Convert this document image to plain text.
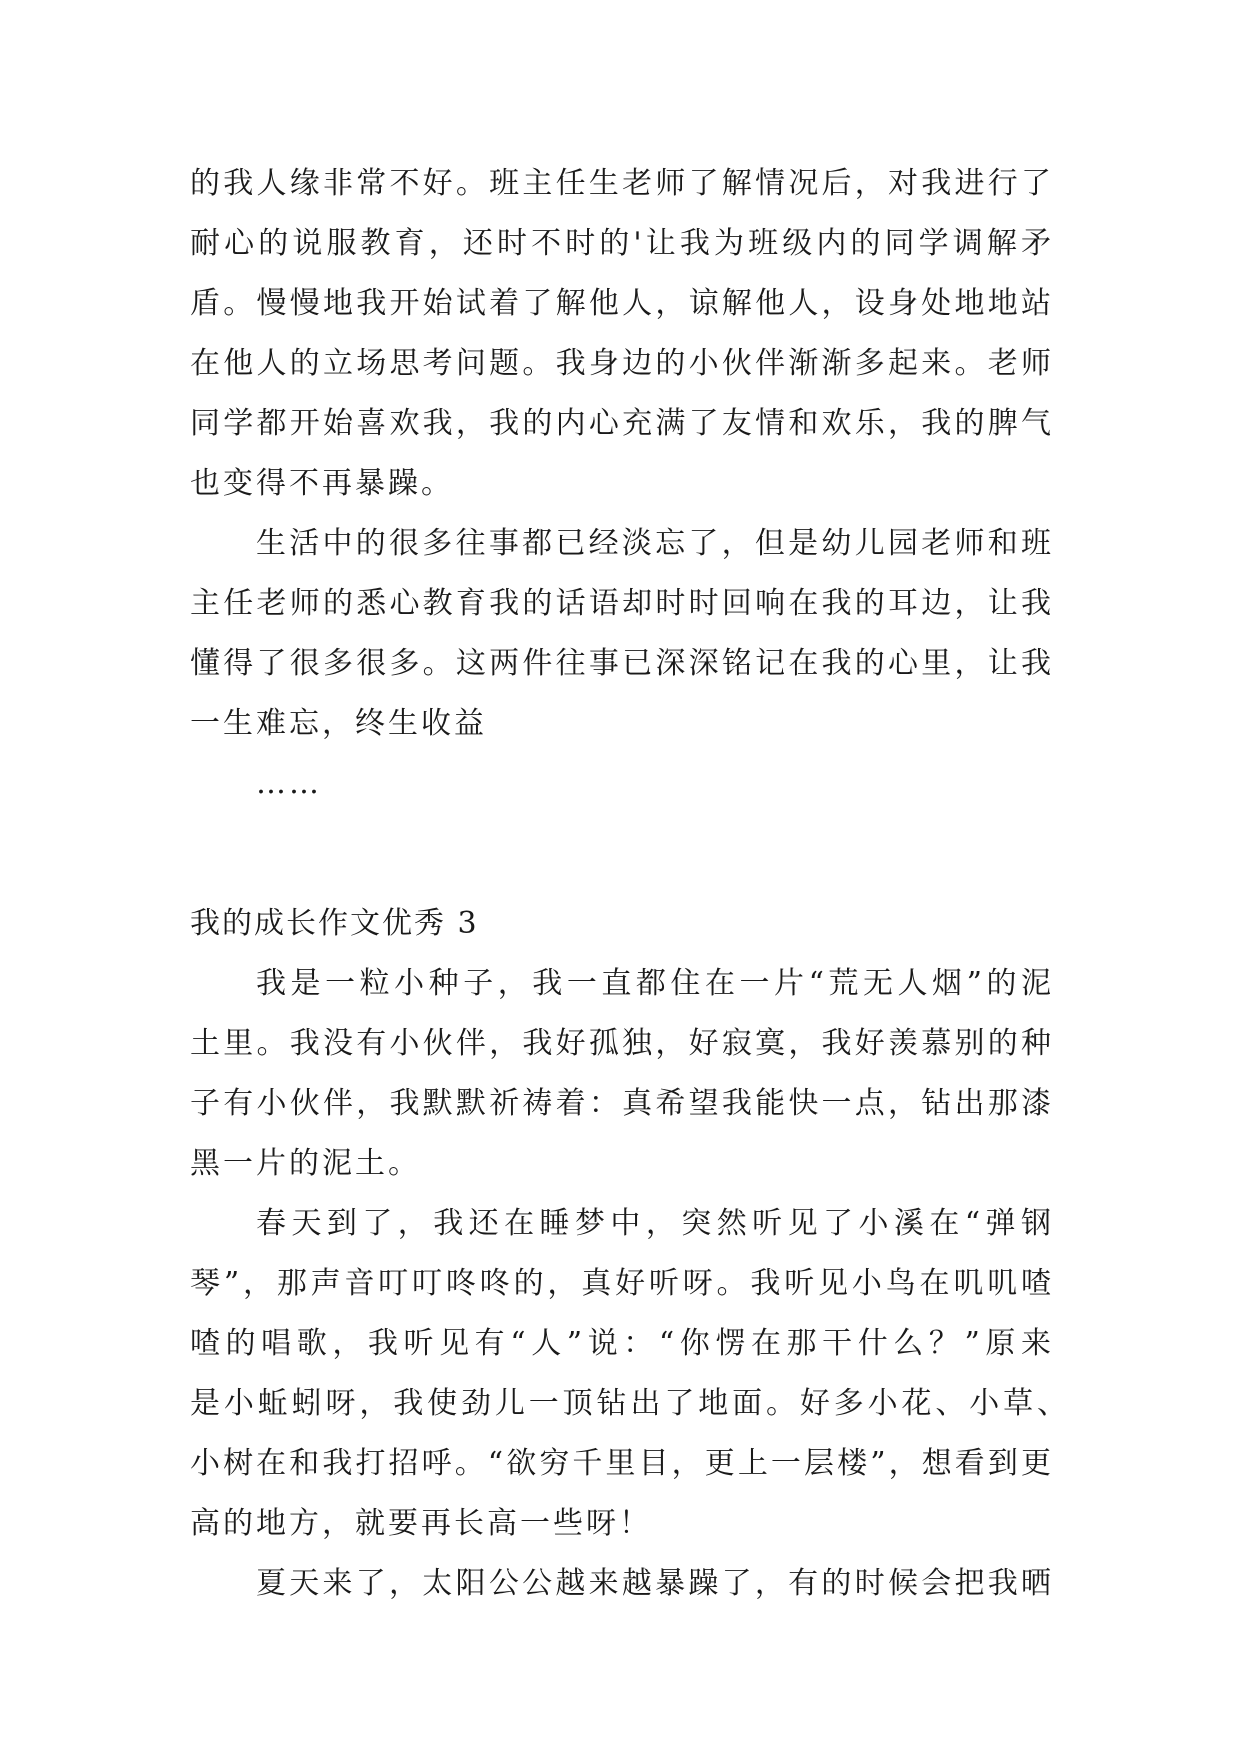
的我人缘非常不好。班主任生老师了解情况后，对我进行了
耐心的说服教育，还时不时的'让我为班级内的同学调解矛
盾。慢慢地我开始试着了解他人，谅解他人，设身处地地站
在他人的立场思考问题。我身边的小伙伴渐渐多起来。老师
同学都开始喜欢我，我的内心充满了友情和欢乐，我的脾气
也变得不再暴躁。
生活中的很多往事都已经淡忘了，但是幼儿园老师和班
主任老师的悉心教育我的话语却时时回响在我的耳边，让我
懂得了很多很多。这两件往事已深深铭记在我的心里，让我
一生难忘，终生收益
……
我的成长作文优秀 3
我是一粒小种子，我一直都住在一片“荒无人烟”的泥
土里。我没有小伙伴，我好孤独，好寂寞，我好羡慕别的种
子有小伙伴，我默默祈祷着：真希望我能快一点，钻出那漆
黑一片的泥土。
春天到了，我还在睡梦中，突然听见了小溪在“弹钢
琴”，那声音叮叮咚咚的，真好听呀。我听见小鸟在叽叽喳
喳的唱歌，我听见有“人”说：“你愣在那干什么？”原来
是小蚯蚓呀，我使劲儿一顶钻出了地面。好多小花、小草、
小树在和我打招呼。“欲穷千里目，更上一层楼”，想看到更
高的地方，就要再长高一些呀！
夏天来了，太阳公公越来越暴躁了，有的时候会把我晒
